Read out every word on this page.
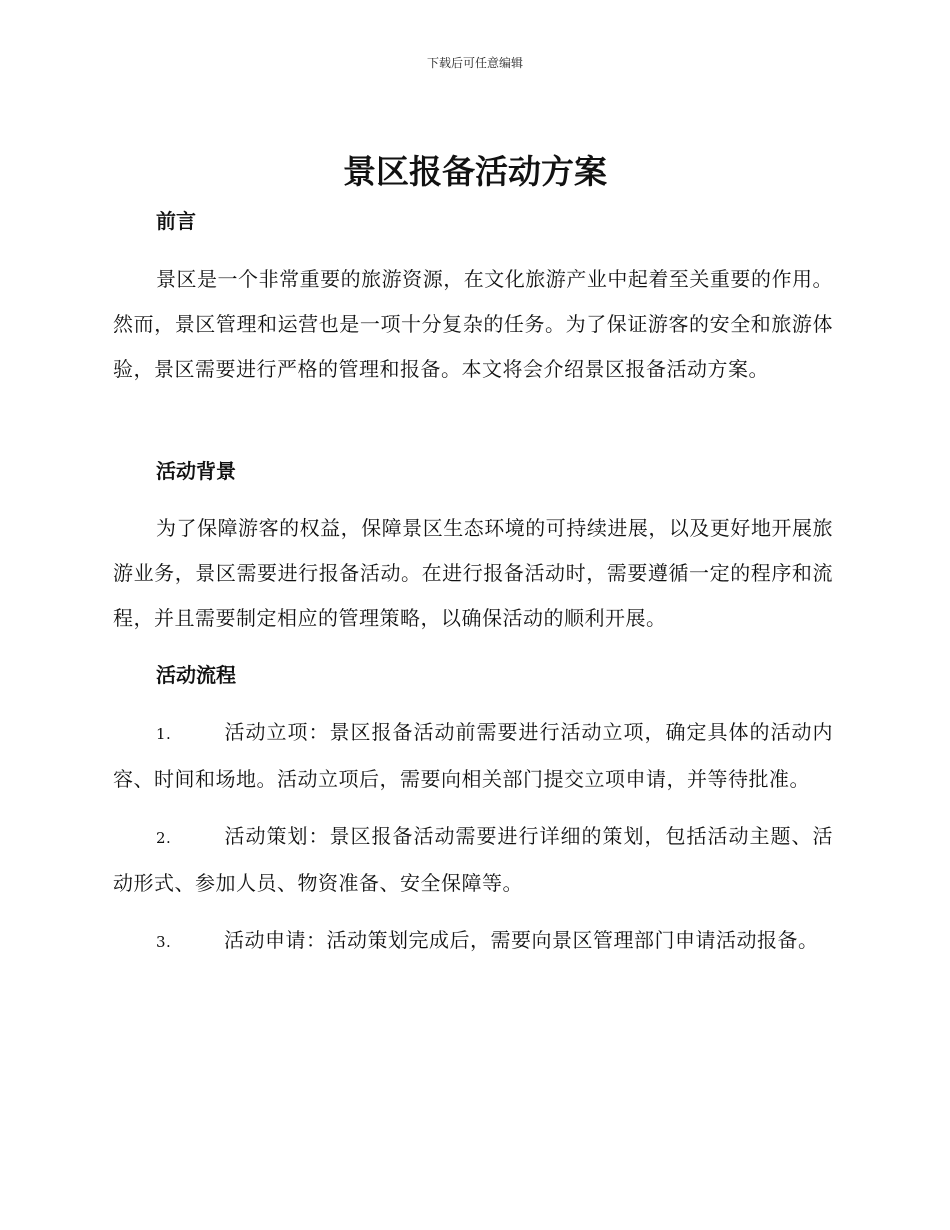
下载后可任意编辑
景区报备活动方案
前言

景区是一个非常重要的旅游资源，在文化旅游产业中起着至关重要的作用。然而，景区管理和运营也是一项十分复杂的任务。为了保证游客的安全和旅游体验，景区需要进行严格的管理和报备。本文将会介绍景区报备活动方案。

活动背景

为了保障游客的权益，保障景区生态环境的可持续进展，以及更好地开展旅游业务，景区需要进行报备活动。在进行报备活动时，需要遵循一定的程序和流程，并且需要制定相应的管理策略，以确保活动的顺利开展。

活动流程

1.	活动立项：景区报备活动前需要进行活动立项，确定具体的活动内容、时间和场地。活动立项后，需要向相关部门提交立项申请，并等待批准。

2.	活动策划：景区报备活动需要进行详细的策划，包括活动主题、活动形式、参加人员、物资准备、安全保障等。

3.	活动申请：活动策划完成后，需要向景区管理部门申请活动报备。
